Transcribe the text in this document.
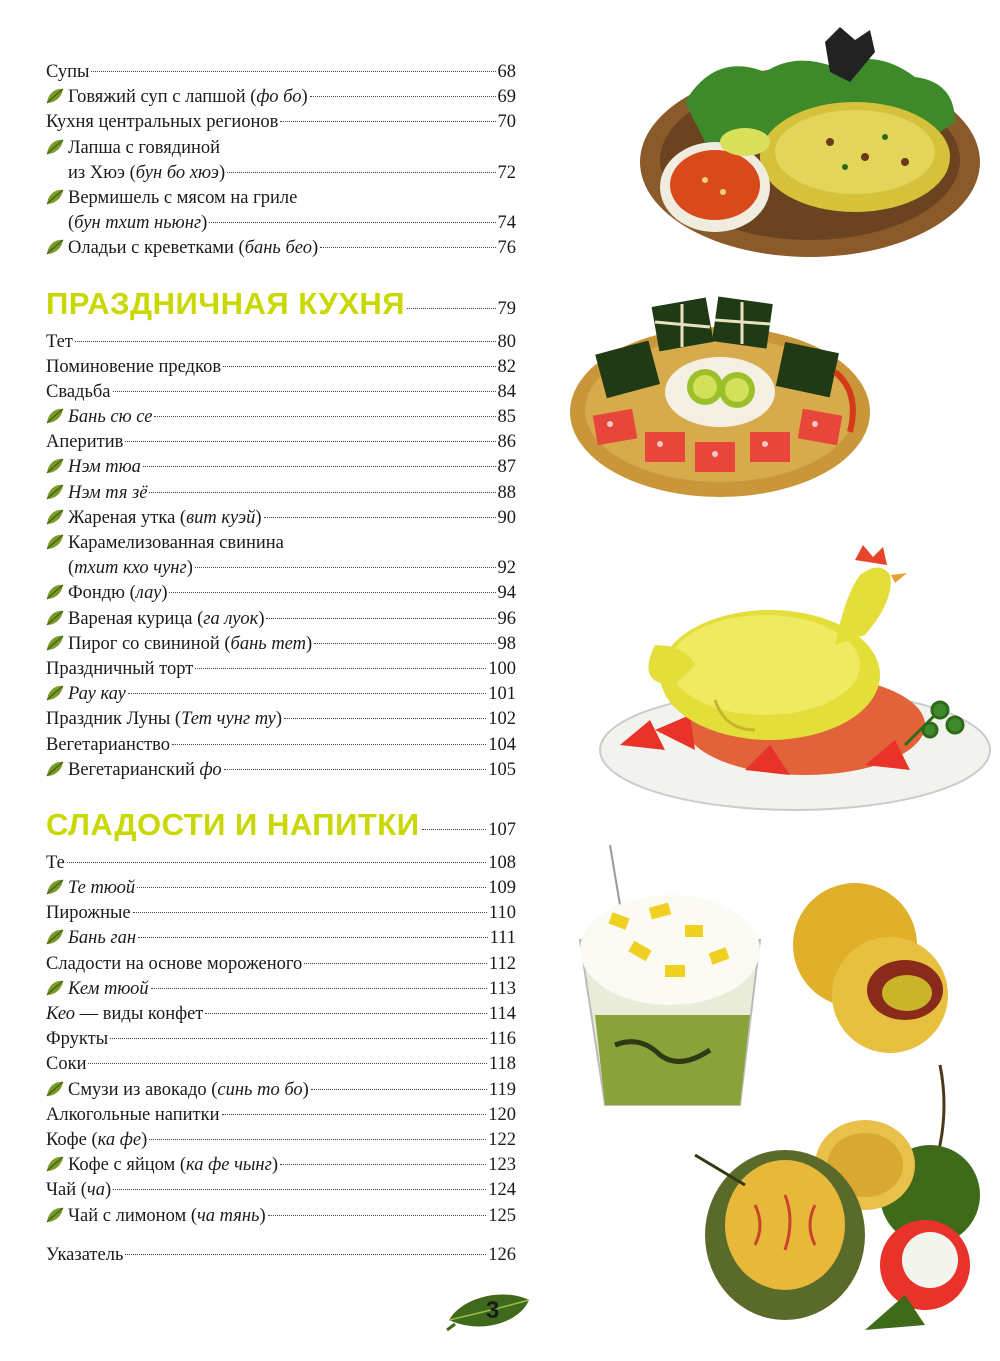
Супы	68
Говяжий суп с лапшой (фо бо)	69
Кухня центральных регионов	70
Лапша с говядиной
из Хюэ (бун бо хюэ)	72
Вермишель с мясом на гриле
(бун тхит ньюнг)	74
Оладьи с креветками (бань бео)	76
ПРАЗДНИЧНАЯ КУХНЯ	79
Тет	80
Поминовение предков	82
Свадьба	84
Бань сю се	85
Аперитив	86
Нэм тюа	87
Нэм тя зё	88
Жареная утка (вит куэй)	90
Карамелизованная свинина
(тхит кхо чунг)	92
Фондю (лау)	94
Вареная курица (га луок)	96
Пирог со свининой (бань тет)	98
Праздничный торт	100
Рау кау	101
Праздник Луны (Тет чунг ту)	102
Вегетарианство	104
Вегетарианский фо	105
СЛАДОСТИ И НАПИТКИ	107
Те	108
Те тюой	109
Пирожные	110
Бань ган	111
Сладости на основе мороженого	112
Кем тюой	113
Кео — виды конфет	114
Фрукты	116
Соки	118
Смузи из авокадо (синь то бо)	119
Алкогольные напитки	120
Кофе (ка фе)	122
Кофе с яйцом (ка фе чынг)	123
Чай (ча)	124
Чай с лимоном (ча тянь)	125
Указатель	126
3
